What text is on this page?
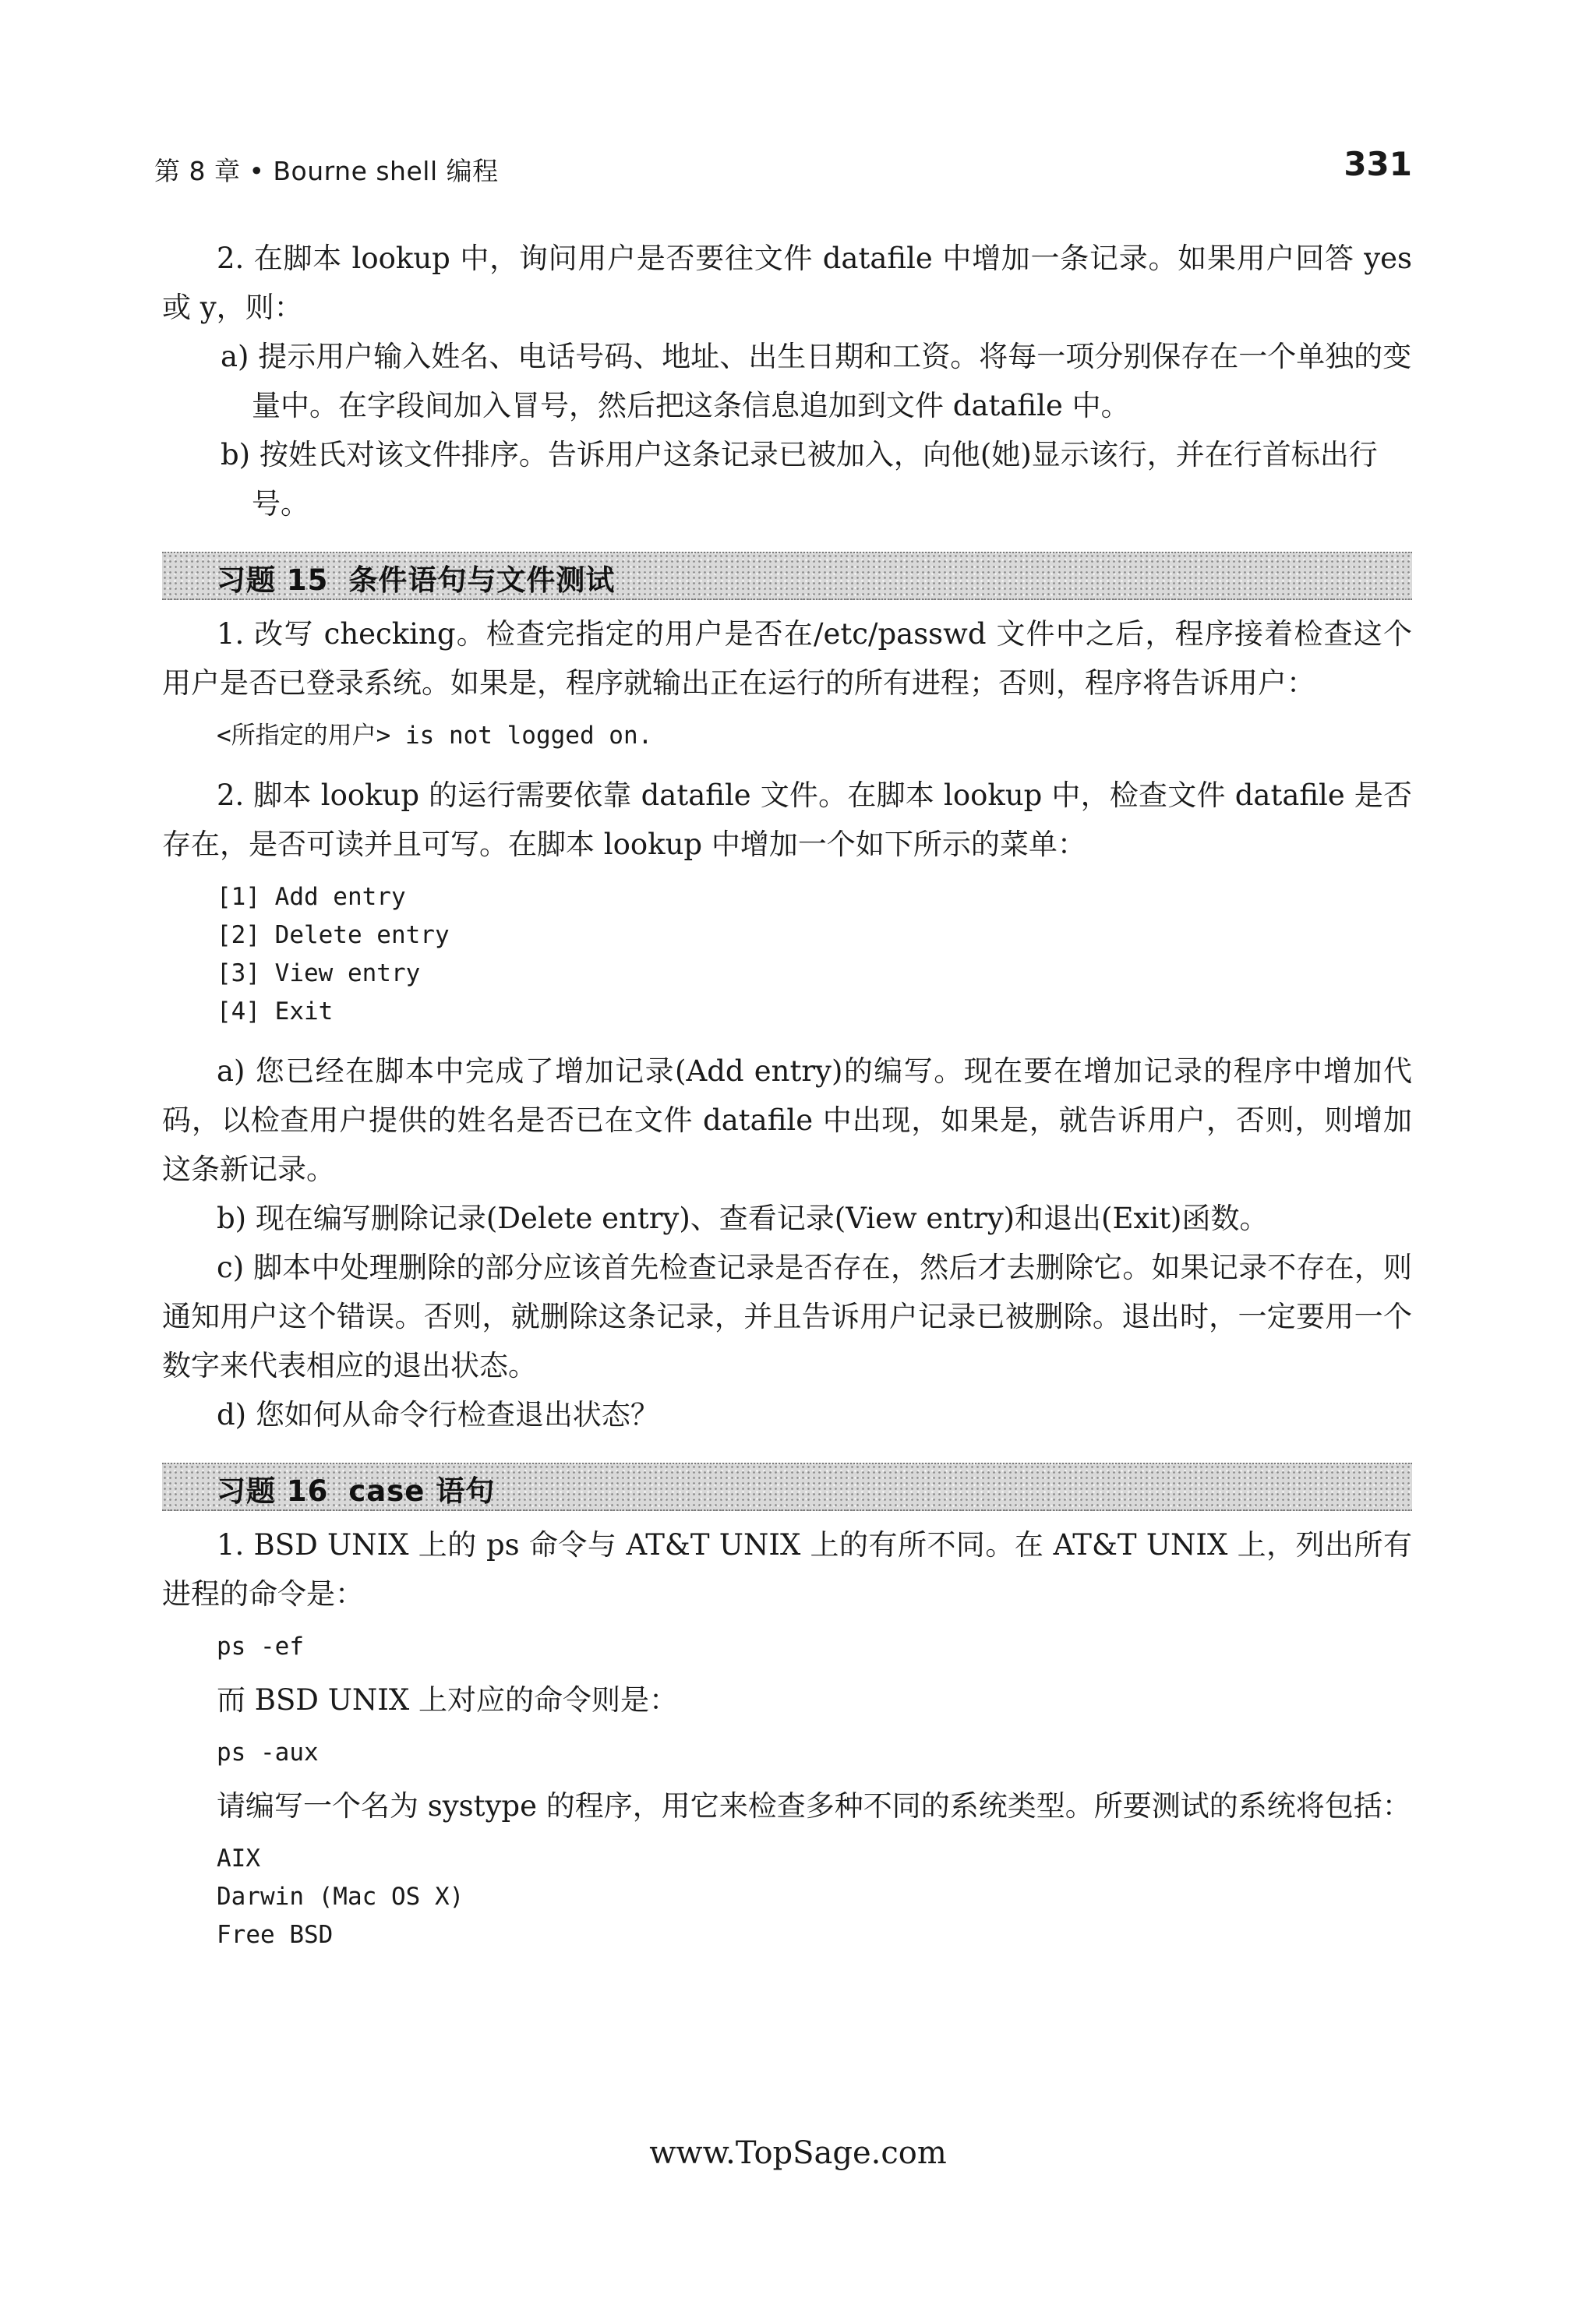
第 8 章 • Bourne shell 编程	331

2. 在脚本 lookup 中，询问用户是否要往文件 datafile 中增加一条记录。如果用户回答 yes 或 y，则：

a) 提示用户输入姓名、电话号码、地址、出生日期和工资。将每一项分别保存在一个单独的变量中。在字段间加入冒号，然后把这条信息追加到文件 datafile 中。

b) 按姓氏对该文件排序。告诉用户这条记录已被加入，向他(她)显示该行，并在行首标出行号。

习题 15 条件语句与文件测试

1. 改写 checking。检查完指定的用户是否在/etc/passwd 文件中之后，程序接着检查这个用户是否已登录系统。如果是，程序就输出正在运行的所有进程；否则，程序将告诉用户：

<所指定的用户> is not logged on.

2. 脚本 lookup 的运行需要依靠 datafile 文件。在脚本 lookup 中，检查文件 datafile 是否存在，是否可读并且可写。在脚本 lookup 中增加一个如下所示的菜单：

[1] Add entry

[2] Delete entry

[3] View entry

[4] Exit

a) 您已经在脚本中完成了增加记录(Add entry)的编写。现在要在增加记录的程序中增加代码，以检查用户提供的姓名是否已在文件 datafile 中出现，如果是，就告诉用户，否则，则增加这条新记录。

b) 现在编写删除记录(Delete entry)、查看记录(View entry)和退出(Exit)函数。

c) 脚本中处理删除的部分应该首先检查记录是否存在，然后才去删除它。如果记录不存在，则通知用户这个错误。否则，就删除这条记录，并且告诉用户记录已被删除。退出时，一定要用一个数字来代表相应的退出状态。

d) 您如何从命令行检查退出状态？

习题 16 case 语句

1. BSD UNIX 上的 ps 命令与 AT&T UNIX 上的有所不同。在 AT&T UNIX 上，列出所有进程的命令是：

ps -ef

而 BSD UNIX 上对应的命令则是：

ps -aux

请编写一个名为 systype 的程序，用它来检查多种不同的系统类型。所要测试的系统将包括：

AIX

Darwin (Mac OS X)

Free BSD

www.TopSage.com
